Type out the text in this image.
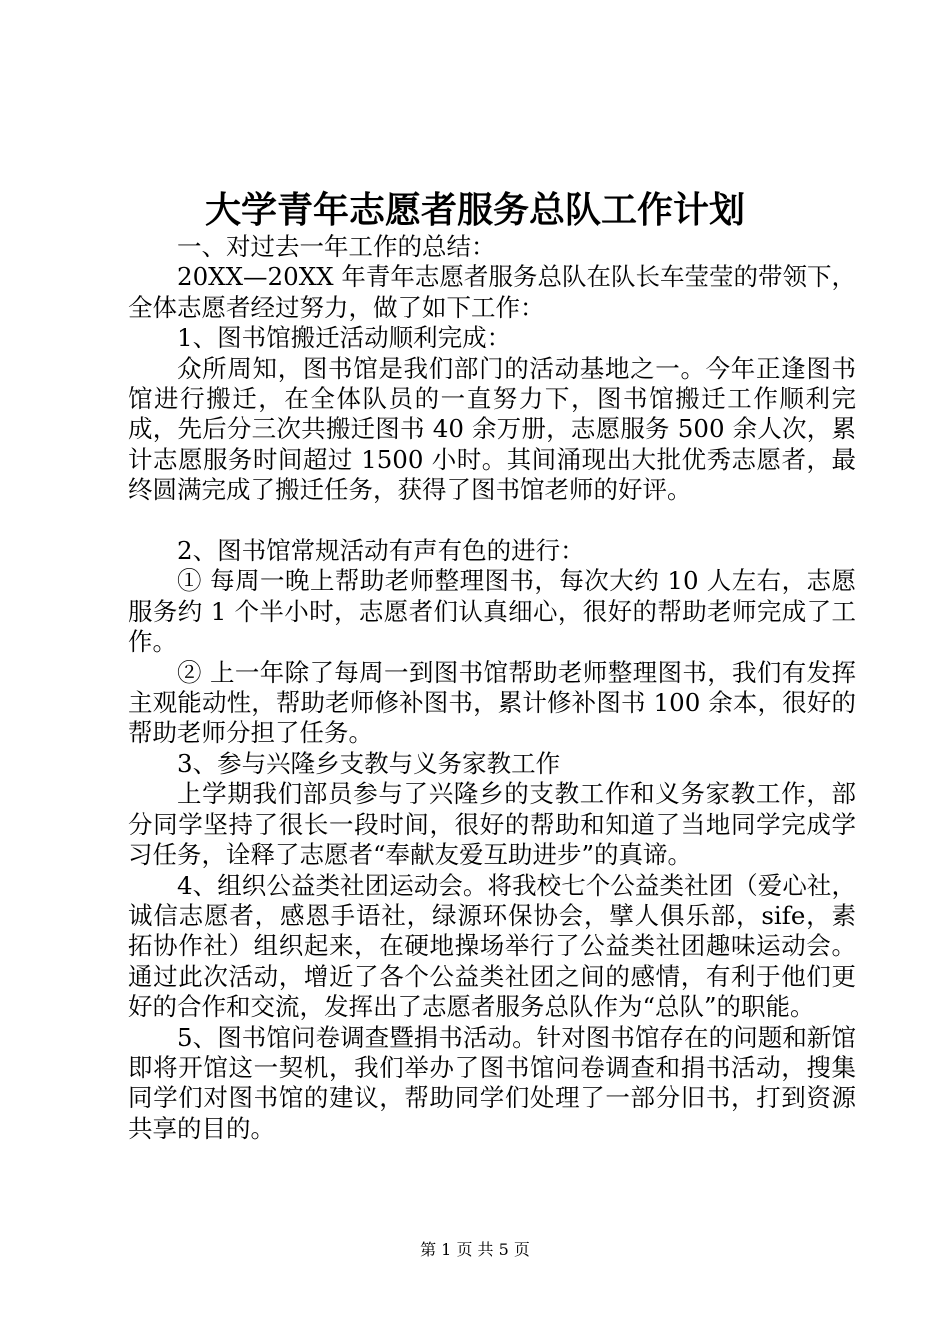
大学青年志愿者服务总队工作计划

一、对过去一年工作的总结：

20XX—20XX 年青年志愿者服务总队在队长车莹莹的带领下，全体志愿者经过努力，做了如下工作：

1、图书馆搬迁活动顺利完成：

众所周知，图书馆是我们部门的活动基地之一。今年正逢图书馆进行搬迁，在全体队员的一直努力下，图书馆搬迁工作顺利完成，先后分三次共搬迁图书 40 余万册，志愿服务 500 余人次，累计志愿服务时间超过 1500 小时。其间涌现出大批优秀志愿者，最终圆满完成了搬迁任务，获得了图书馆老师的好评。

2、图书馆常规活动有声有色的进行：

① 每周一晚上帮助老师整理图书，每次大约 10 人左右，志愿服务约 1 个半小时，志愿者们认真细心，很好的帮助老师完成了工作。

② 上一年除了每周一到图书馆帮助老师整理图书，我们有发挥主观能动性，帮助老师修补图书，累计修补图书 100 余本，很好的帮助老师分担了任务。

3、参与兴隆乡支教与义务家教工作

上学期我们部员参与了兴隆乡的支教工作和义务家教工作，部分同学坚持了很长一段时间，很好的帮助和知道了当地同学完成学习任务，诠释了志愿者“奉献友爱互助进步”的真谛。

4、组织公益类社团运动会。将我校七个公益类社团（爱心社，诚信志愿者，感恩手语社，绿源环保协会，擘人俱乐部，sife，素拓协作社）组织起来，在硬地操场举行了公益类社团趣味运动会。通过此次活动，增近了各个公益类社团之间的感情，有利于他们更好的合作和交流，发挥出了志愿者服务总队作为“总队”的职能。

5、图书馆问卷调查暨捐书活动。针对图书馆存在的问题和新馆即将开馆这一契机，我们举办了图书馆问卷调查和捐书活动，搜集同学们对图书馆的建议，帮助同学们处理了一部分旧书，打到资源共享的目的。

第 1 页 共 5 页
